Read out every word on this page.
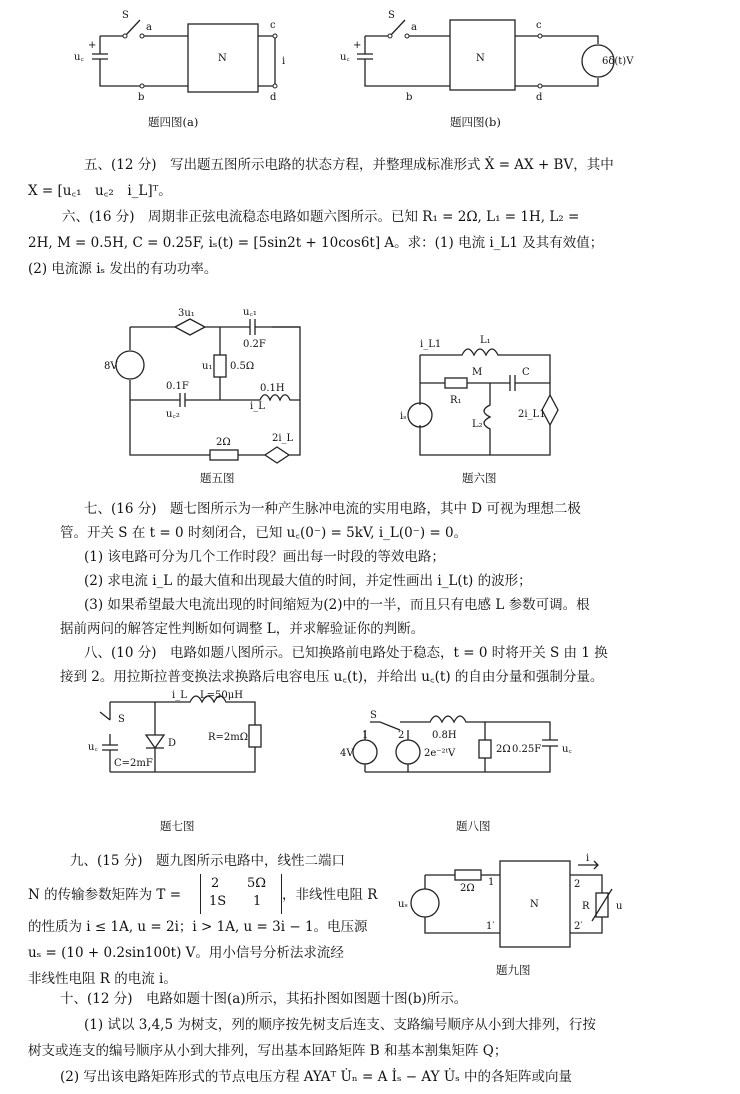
S
a
b
c
d
N
u꜀
+
i
题四图(a)
S
a
b
c
d
N
u꜀
+
6δ(t)V
题四图(b)
五、(12 分)　写出题五图所示电路的状态方程，并整理成标准形式 Ẋ = AX + BV，其中
X = [u꜀₁　u꜀₂　i_L]ᵀ。
六、(16 分)　周期非正弦电流稳态电路如题六图所示。已知 R₁ = 2Ω, L₁ = 1H, L₂ =
2H, M = 0.5H, C = 0.25F, iₛ(t) = [5sin2t + 10cos6t] A。求：(1) 电流 i_L1 及其有效值；
(2) 电流源 iₛ 发出的有功功率。
3u₁
8V
u꜀₁
0.2F
u₁ 0.5Ω
0.1F
u꜀₂
0.1H
i_L
2Ω	2i_L
题五图
i_L1	L₁
M	C
R₁
iₛ
L₂
2i_L1
题六图
七、(16 分)　题七图所示为一种产生脉冲电流的实用电路，其中 D 可视为理想二极
管。开关 S 在 t = 0 时刻闭合，已知 u꜀(0⁻) = 5kV, i_L(0⁻) = 0。
(1) 该电路可分为几个工作时段？画出每一时段的等效电路；
(2) 求电流 i_L 的最大值和出现最大值的时间，并定性画出 i_L(t) 的波形；
(3) 如果希望最大电流出现的时间缩短为(2)中的一半，而且只有电感 L 参数可调。根
据前两问的解答定性判断如何调整 L，并求解验证你的判断。
八、(10 分)　电路如题八图所示。已知换路前电路处于稳态，t = 0 时将开关 S 由 1 换
接到 2。用拉斯拉普变换法求换路后电容电压 u꜀(t)，并给出 u꜀(t) 的自由分量和强制分量。
i_L L=50μH
S
D
R=2mΩ
u꜀
C=2mF
S
1	2	0.8H
4V	2e⁻²ᵗV	2Ω 0.25F u꜀
题七图	题八图
九、(15 分)　题九图所示电路中，线性二端口
N 的传输参数矩阵为 T =
2 5Ω
1S 1 ，非线性电阻 R
的性质为 i ≤ 1A, u = 2i；i > 1A, u = 3i − 1。电压源
uₛ = (10 + 0.2sin100t) V。用小信号分析法求流经
非线性电阻 R 的电流 i。
uₛ
2Ω
1
1′
N
2
2′
i
R	u
题九图
十、(12 分)　电路如题十图(a)所示，其拓扑图如图题十图(b)所示。
(1) 试以 3,4,5 为树支，列的顺序按先树支后连支、支路编号顺序从小到大排列，行按
树支或连支的编号顺序从小到大排列，写出基本回路矩阵 B 和基本割集矩阵 Q；
(2) 写出该电路矩阵形式的节点电压方程 AYAᵀ U̇ₙ = A İₛ − AY U̇ₛ 中的各矩阵或向量
